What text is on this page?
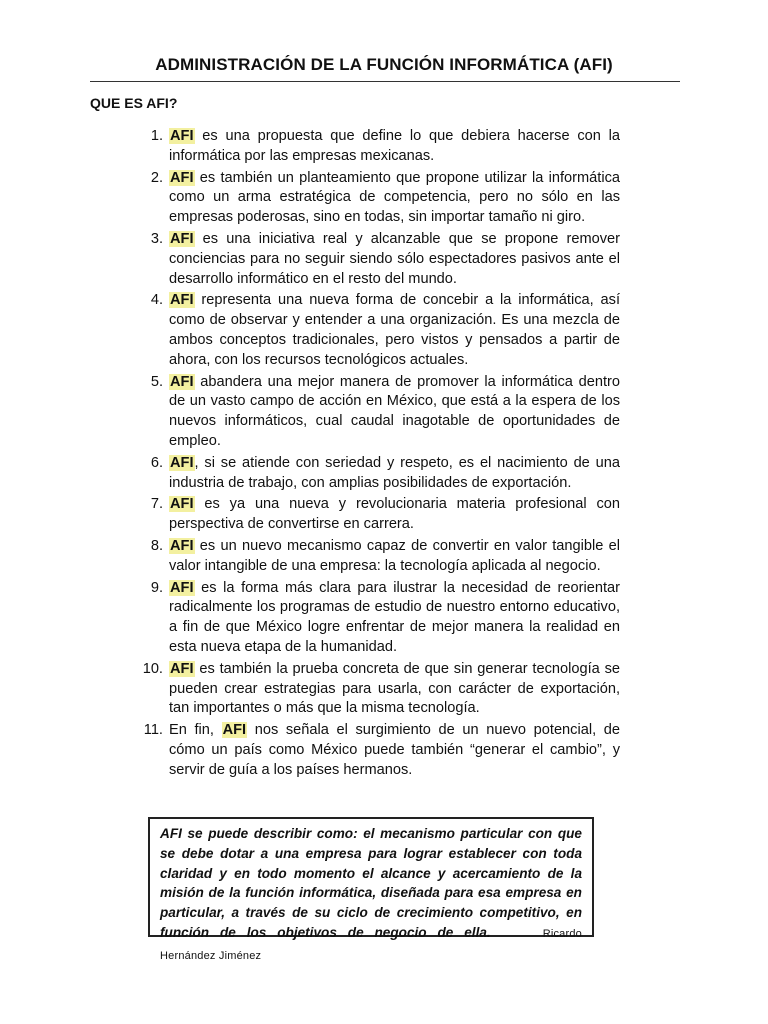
ADMINISTRACIÓN DE LA FUNCIÓN INFORMÁTICA (AFI)
QUE ES AFI?
1. AFI es una propuesta que define lo que debiera hacerse con la informática por las empresas mexicanas.
2. AFI es también un planteamiento que propone utilizar la informática como un arma estratégica de competencia, pero no sólo en las empresas poderosas, sino en todas, sin importar tamaño ni giro.
3. AFI es una iniciativa real y alcanzable que se propone remover conciencias para no seguir siendo sólo espectadores pasivos ante el desarrollo informático en el resto del mundo.
4. AFI representa una nueva forma de concebir a la informática, así como de observar y entender a una organización. Es una mezcla de ambos conceptos tradicionales, pero vistos y pensados a partir de ahora, con los recursos tecnológicos actuales.
5. AFI abandera una mejor manera de promover la informática dentro de un vasto campo de acción en México, que está a la espera de los nuevos informáticos, cual caudal inagotable de oportunidades de empleo.
6. AFI, si se atiende con seriedad y respeto, es el nacimiento de una industria de trabajo, con amplias posibilidades de exportación.
7. AFI es ya una nueva y revolucionaria materia profesional con perspectiva de convertirse en carrera.
8. AFI es un nuevo mecanismo capaz de convertir en valor tangible el valor intangible de una empresa: la tecnología aplicada al negocio.
9. AFI es la forma más clara para ilustrar la necesidad de reorientar radicalmente los programas de estudio de nuestro entorno educativo, a fin de que México logre enfrentar de mejor manera la realidad en esta nueva etapa de la humanidad.
10. AFI es también la prueba concreta de que sin generar tecnología se pueden crear estrategias para usarla, con carácter de exportación, tan importantes o más que la misma tecnología.
11. En fin, AFI nos señala el surgimiento de un nuevo potencial, de cómo un país como México puede también “generar el cambio”, y servir de guía a los países hermanos.
AFI se puede describir como: el mecanismo particular con que se debe dotar a una empresa para lograr establecer con toda claridad y en todo momento el alcance y acercamiento de la misión de la función informática, diseñada para esa empresa en particular, a través de su ciclo de crecimiento competitivo, en función de los objetivos de negocio de ella.	Ricardo Hernández Jiménez
